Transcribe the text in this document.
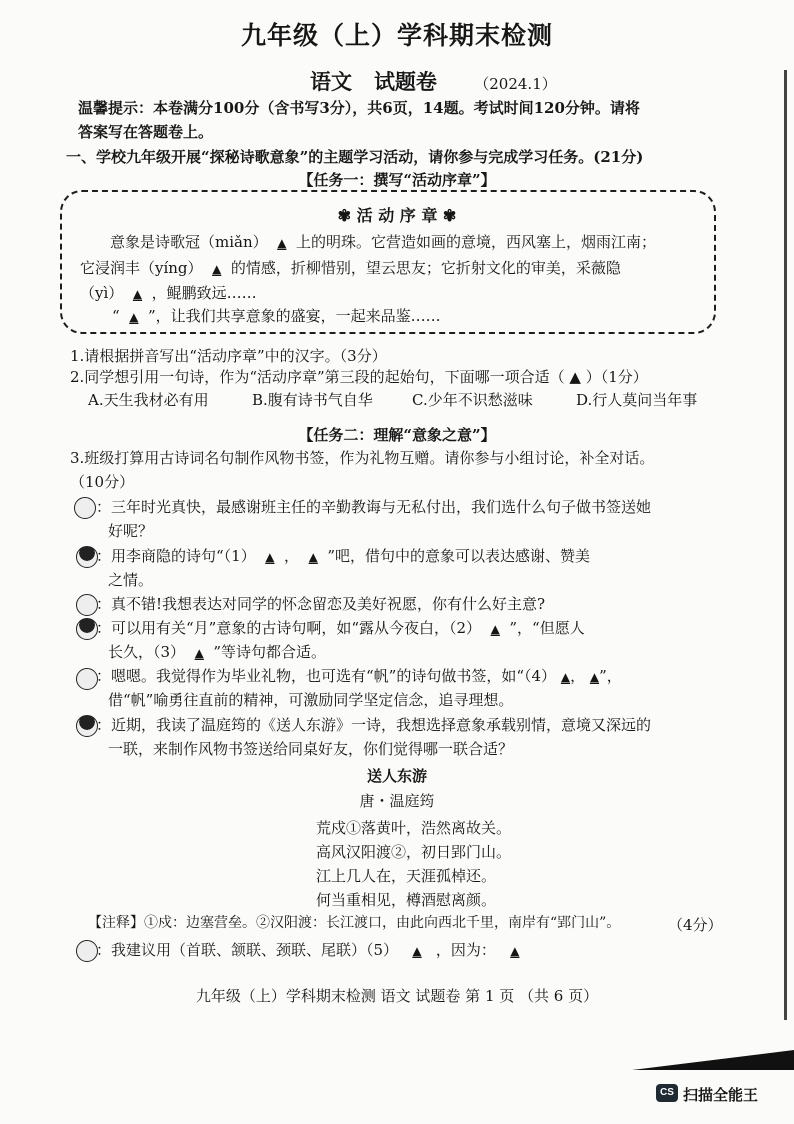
九年级（上）学科期末检测
语文 试题卷 （2024.1）
温馨提示：本卷满分100分（含书写3分），共6页，14题。考试时间120分钟。请将
答案写在答题卷上。
一、学校九年级开展“探秘诗歌意象”的主题学习活动，请你参与完成学习任务。(21分)
【任务一：撰写“活动序章”】
✾ 活 动 序 章 ✾
意象是诗歌冠（miǎn） ▲ 上的明珠。它营造如画的意境，西风塞上，烟雨江南；
它浸润丰（yíng） ▲ 的情感，折柳惜别，望云思友；它折射文化的审美，采薇隐
（yì） ▲ ，鲲鹏致远……
“ ▲ ”，让我们共享意象的盛宴，一起来品鉴……
1.请根据拼音写出“活动序章”中的汉字。（3分）
2.同学想引用一句诗，作为“活动序章”第三段的起始句，下面哪一项合适（ ▲ ）（1分）
A.天生我材必有用	B.腹有诗书气自华	C.少年不识愁滋味	D.行人莫问当年事
【任务二：理解“意象之意”】
3.班级打算用古诗词名句制作风物书签，作为礼物互赠。请你参与小组讨论，补全对话。
（10分）
：三年时光真快，最感谢班主任的辛勤教诲与无私付出，我们选什么句子做书签送她
好呢？
：用李商隐的诗句“（1） ▲  ，  ▲ ”吧，借句中的意象可以表达感谢、赞美
之情。
：真不错!我想表达对同学的怀念留恋及美好祝愿，你有什么好主意?
：可以用有关“月”意象的古诗句啊，如“露从今夜白，（2） ▲ ”，“但愿人
长久，（3） ▲ ”等诗句都合适。
：嗯嗯。我觉得作为毕业礼物，也可选有“帆”的诗句做书签，如“（4） ▲， ▲”，
借“帆”喻勇往直前的精神，可激励同学坚定信念，追寻理想。
：近期，我读了温庭筠的《送人东游》一诗，我想选择意象承载别情，意境又深远的
一联，来制作风物书签送给同桌好友，你们觉得哪一联合适？
送人东游
唐・温庭筠
荒戍①落黄叶，浩然离故关。
高风汉阳渡②，初日郢门山。
江上几人在，天涯孤棹还。
何当重相见，樽酒慰离颜。
【注释】①戍：边塞营垒。②汉阳渡：长江渡口，由此向西北千里，南岸有“郢门山”。	（4分）
：我建议用（首联、颔联、颈联、尾联）（5） ▲ ，因为： ▲
九年级（上）学科期末检测 语文 试题卷 第 1 页 （共 6 页）
CS 扫描全能王
